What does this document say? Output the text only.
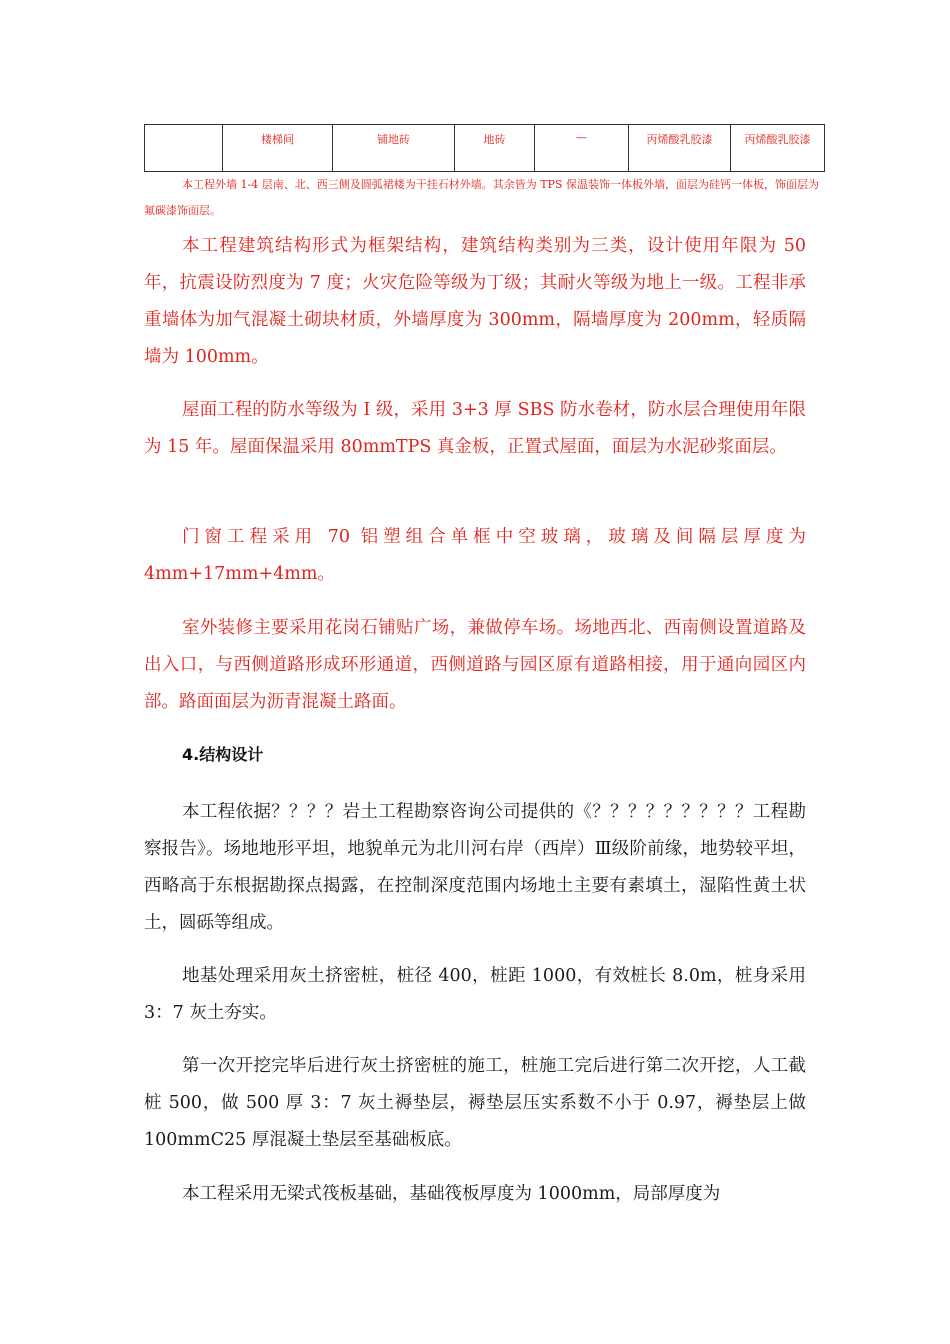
	楼梯间	铺地砖	地砖	—	丙烯酸乳胶漆	丙烯酸乳胶漆
本工程外墙 1-4 层南、北、西三侧及圆弧裙楼为干挂石材外墙。其余皆为 TPS 保温装饰一体板外墙，面层为硅钙一体板，饰面层为氟碳漆饰面层。
本工程建筑结构形式为框架结构，建筑结构类别为三类，设计使用年限为 50 年，抗震设防烈度为 7 度；火灾危险等级为丁级；其耐火等级为地上一级。工程非承重墙体为加气混凝土砌块材质，外墙厚度为 300mm，隔墙厚度为 200mm，轻质隔墙为 100mm。
屋面工程的防水等级为 I 级，采用 3+3 厚 SBS 防水卷材，防水层合理使用年限为 15 年。屋面保温采用 80mmTPS 真金板，正置式屋面，面层为水泥砂浆面层。
门窗工程采用 70 铝塑组合单框中空玻璃，玻璃及间隔层厚度为 4mm+17mm+4mm。
室外装修主要采用花岗石铺贴广场，兼做停车场。场地西北、西南侧设置道路及出入口，与西侧道路形成环形通道，西侧道路与园区原有道路相接，用于通向园区内部。路面面层为沥青混凝土路面。
4.结构设计
本工程依据？？？？岩土工程勘察咨询公司提供的《？？？？？？？？？工程勘察报告》。场地地形平坦，地貌单元为北川河右岸（西岸）Ⅲ级阶前缘，地势较平坦，西略高于东根据勘探点揭露，在控制深度范围内场地土主要有素填土，湿陷性黄土状土，圆砾等组成。
地基处理采用灰土挤密桩，桩径 400，桩距 1000，有效桩长 8.0m，桩身采用 3：7 灰土夯实。
第一次开挖完毕后进行灰土挤密桩的施工，桩施工完后进行第二次开挖，人工截桩 500，做 500 厚 3：7 灰土褥垫层，褥垫层压实系数不小于 0.97，褥垫层上做 100mmC25 厚混凝土垫层至基础板底。
本工程采用无梁式筏板基础，基础筏板厚度为 1000mm，局部厚度为
